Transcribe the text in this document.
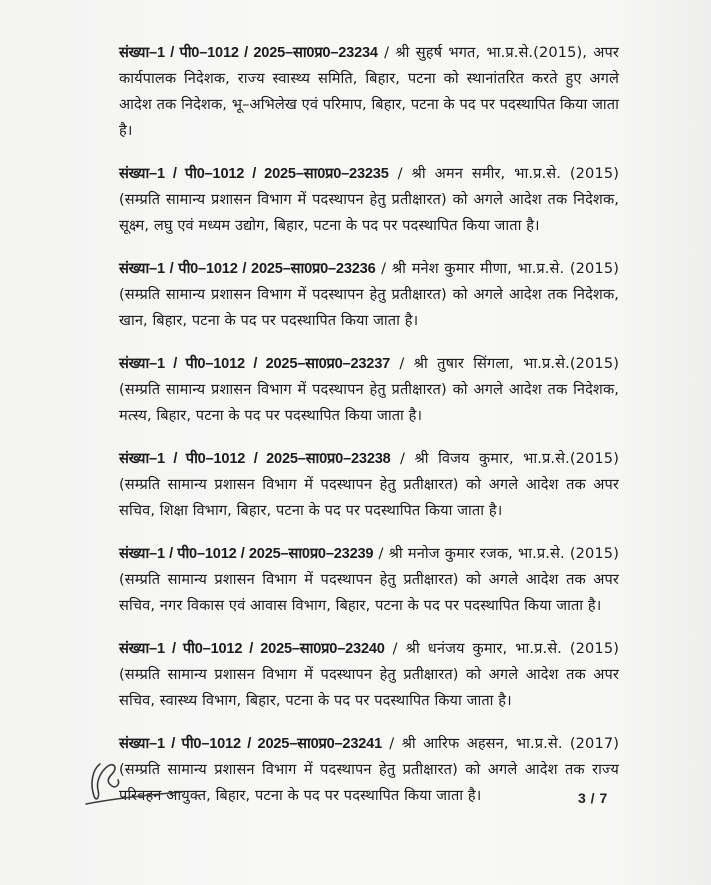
संख्या–1 / पी0–1012 / 2025–सा0प्र0–23234 / श्री सुहर्ष भगत, भा.प्र.से.(2015), अपर कार्यपालक निदेशक, राज्य स्वास्थ्य समिति, बिहार, पटना को स्थानांतरित करते हुए अगले आदेश तक निदेशक, भू–अभिलेख एवं परिमाप, बिहार, पटना के पद पर पदस्थापित किया जाता है।

संख्या–1 / पी0–1012 / 2025–सा0प्र0–23235 / श्री अमन समीर, भा.प्र.से. (2015) (सम्प्रति सामान्य प्रशासन विभाग में पदस्थापन हेतु प्रतीक्षारत) को अगले आदेश तक निदेशक, सूक्ष्म, लघु एवं मध्यम उद्योग, बिहार, पटना के पद पर पदस्थापित किया जाता है।

संख्या–1 / पी0–1012 / 2025–सा0प्र0–23236 / श्री मनेश कुमार मीणा, भा.प्र.से. (2015) (सम्प्रति सामान्य प्रशासन विभाग में पदस्थापन हेतु प्रतीक्षारत) को अगले आदेश तक निदेशक, खान, बिहार, पटना के पद पर पदस्थापित किया जाता है।

संख्या–1 / पी0–1012 / 2025–सा0प्र0–23237 / श्री तुषार सिंगला, भा.प्र.से.(2015) (सम्प्रति सामान्य प्रशासन विभाग में पदस्थापन हेतु प्रतीक्षारत) को अगले आदेश तक निदेशक, मत्स्य, बिहार, पटना के पद पर पदस्थापित किया जाता है।

संख्या–1 / पी0–1012 / 2025–सा0प्र0–23238 / श्री विजय कुमार, भा.प्र.से.(2015) (सम्प्रति सामान्य प्रशासन विभाग में पदस्थापन हेतु प्रतीक्षारत) को अगले आदेश तक अपर सचिव, शिक्षा विभाग, बिहार, पटना के पद पर पदस्थापित किया जाता है।

संख्या–1 / पी0–1012 / 2025–सा0प्र0–23239 / श्री मनोज कुमार रजक, भा.प्र.से. (2015) (सम्प्रति सामान्य प्रशासन विभाग में पदस्थापन हेतु प्रतीक्षारत) को अगले आदेश तक अपर सचिव, नगर विकास एवं आवास विभाग, बिहार, पटना के पद पर पदस्थापित किया जाता है।

संख्या–1 / पी0–1012 / 2025–सा0प्र0–23240 / श्री धनंजय कुमार, भा.प्र.से. (2015) (सम्प्रति सामान्य प्रशासन विभाग में पदस्थापन हेतु प्रतीक्षारत) को अगले आदेश तक अपर सचिव, स्वास्थ्य विभाग, बिहार, पटना के पद पर पदस्थापित किया जाता है।

संख्या–1 / पी0–1012 / 2025–सा0प्र0–23241 / श्री आरिफ अहसन, भा.प्र.से. (2017) (सम्प्रति सामान्य प्रशासन विभाग में पदस्थापन हेतु प्रतीक्षारत) को अगले आदेश तक राज्य परिवहन आयुक्त, बिहार, पटना के पद पर पदस्थापित किया जाता है।	3 / 7
